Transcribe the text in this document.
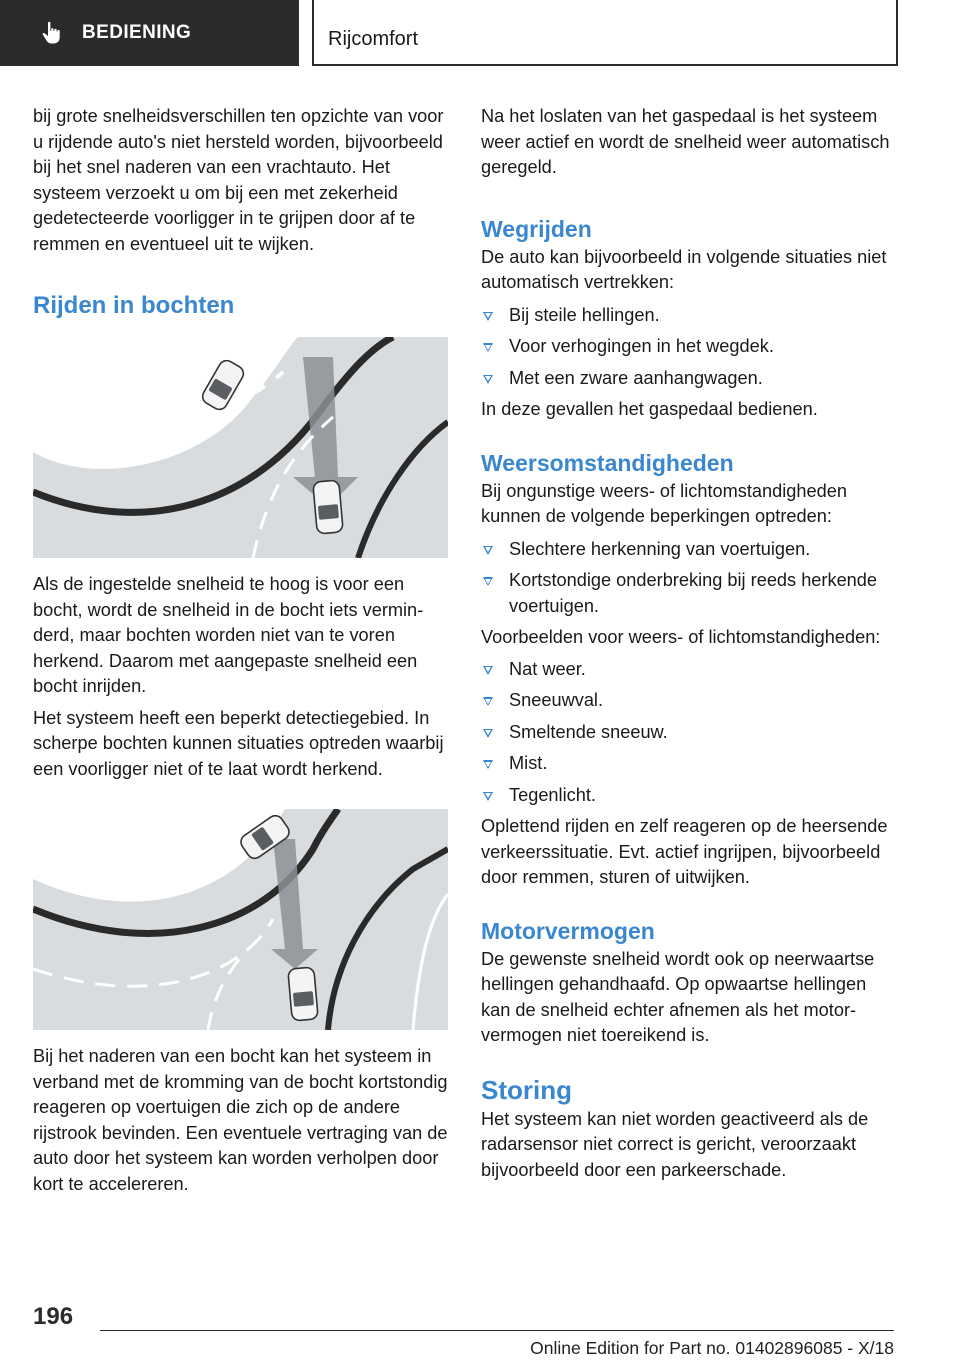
BEDIENING	Rijcomfort

bij grote snelheidsverschillen ten opzichte van voor u rijdende auto's niet hersteld worden, bijvoorbeeld bij het snel naderen van een vrachtauto. Het systeem verzoekt u om bij een met zekerheid gedetecteerde voorligger in te grijpen door af te remmen en eventueel uit te wijken.

Rijden in bochten

Als de ingestelde snelheid te hoog is voor een bocht, wordt de snelheid in de bocht iets verminderd, maar bochten worden niet van te voren herkend. Daarom met aangepaste snelheid een bocht inrijden.

Het systeem heeft een beperkt detectiegebied. In scherpe bochten kunnen situaties optreden waarbij een voorligger niet of te laat wordt herkend.

Bij het naderen van een bocht kan het systeem in verband met de kromming van de bocht kortstondig reageren op voertuigen die zich op de andere rijstrook bevinden. Een eventuele vertraging van de auto door het systeem kan worden verholpen door kort te accelereren.

Na het loslaten van het gaspedaal is het systeem weer actief en wordt de snelheid weer automatisch geregeld.

Wegrijden

De auto kan bijvoorbeeld in volgende situaties niet automatisch vertrekken:

Bij steile hellingen.
Voor verhogingen in het wegdek.
Met een zware aanhangwagen.

In deze gevallen het gaspedaal bedienen.

Weersomstandigheden

Bij ongunstige weers- of lichtomstandigheden kunnen de volgende beperkingen optreden:

Slechtere herkenning van voertuigen.
Kortstondige onderbreking bij reeds herkende voertuigen.

Voorbeelden voor weers- of lichtomstandigheden:

Nat weer.
Sneeuwval.
Smeltende sneeuw.
Mist.
Tegenlicht.

Oplettend rijden en zelf reageren op de heersende verkeerssituatie. Evt. actief ingrijpen, bijvoorbeeld door remmen, sturen of uitwijken.

Motorvermogen

De gewenste snelheid wordt ook op neerwaartse hellingen gehandhaafd. Op opwaartse hellingen kan de snelheid echter afnemen als het motorvermogen niet toereikend is.

Storing

Het systeem kan niet worden geactiveerd als de radarsensor niet correct is gericht, veroorzaakt bijvoorbeeld door een parkeerschade.

196
Online Edition for Part no. 01402896085 - X/18
